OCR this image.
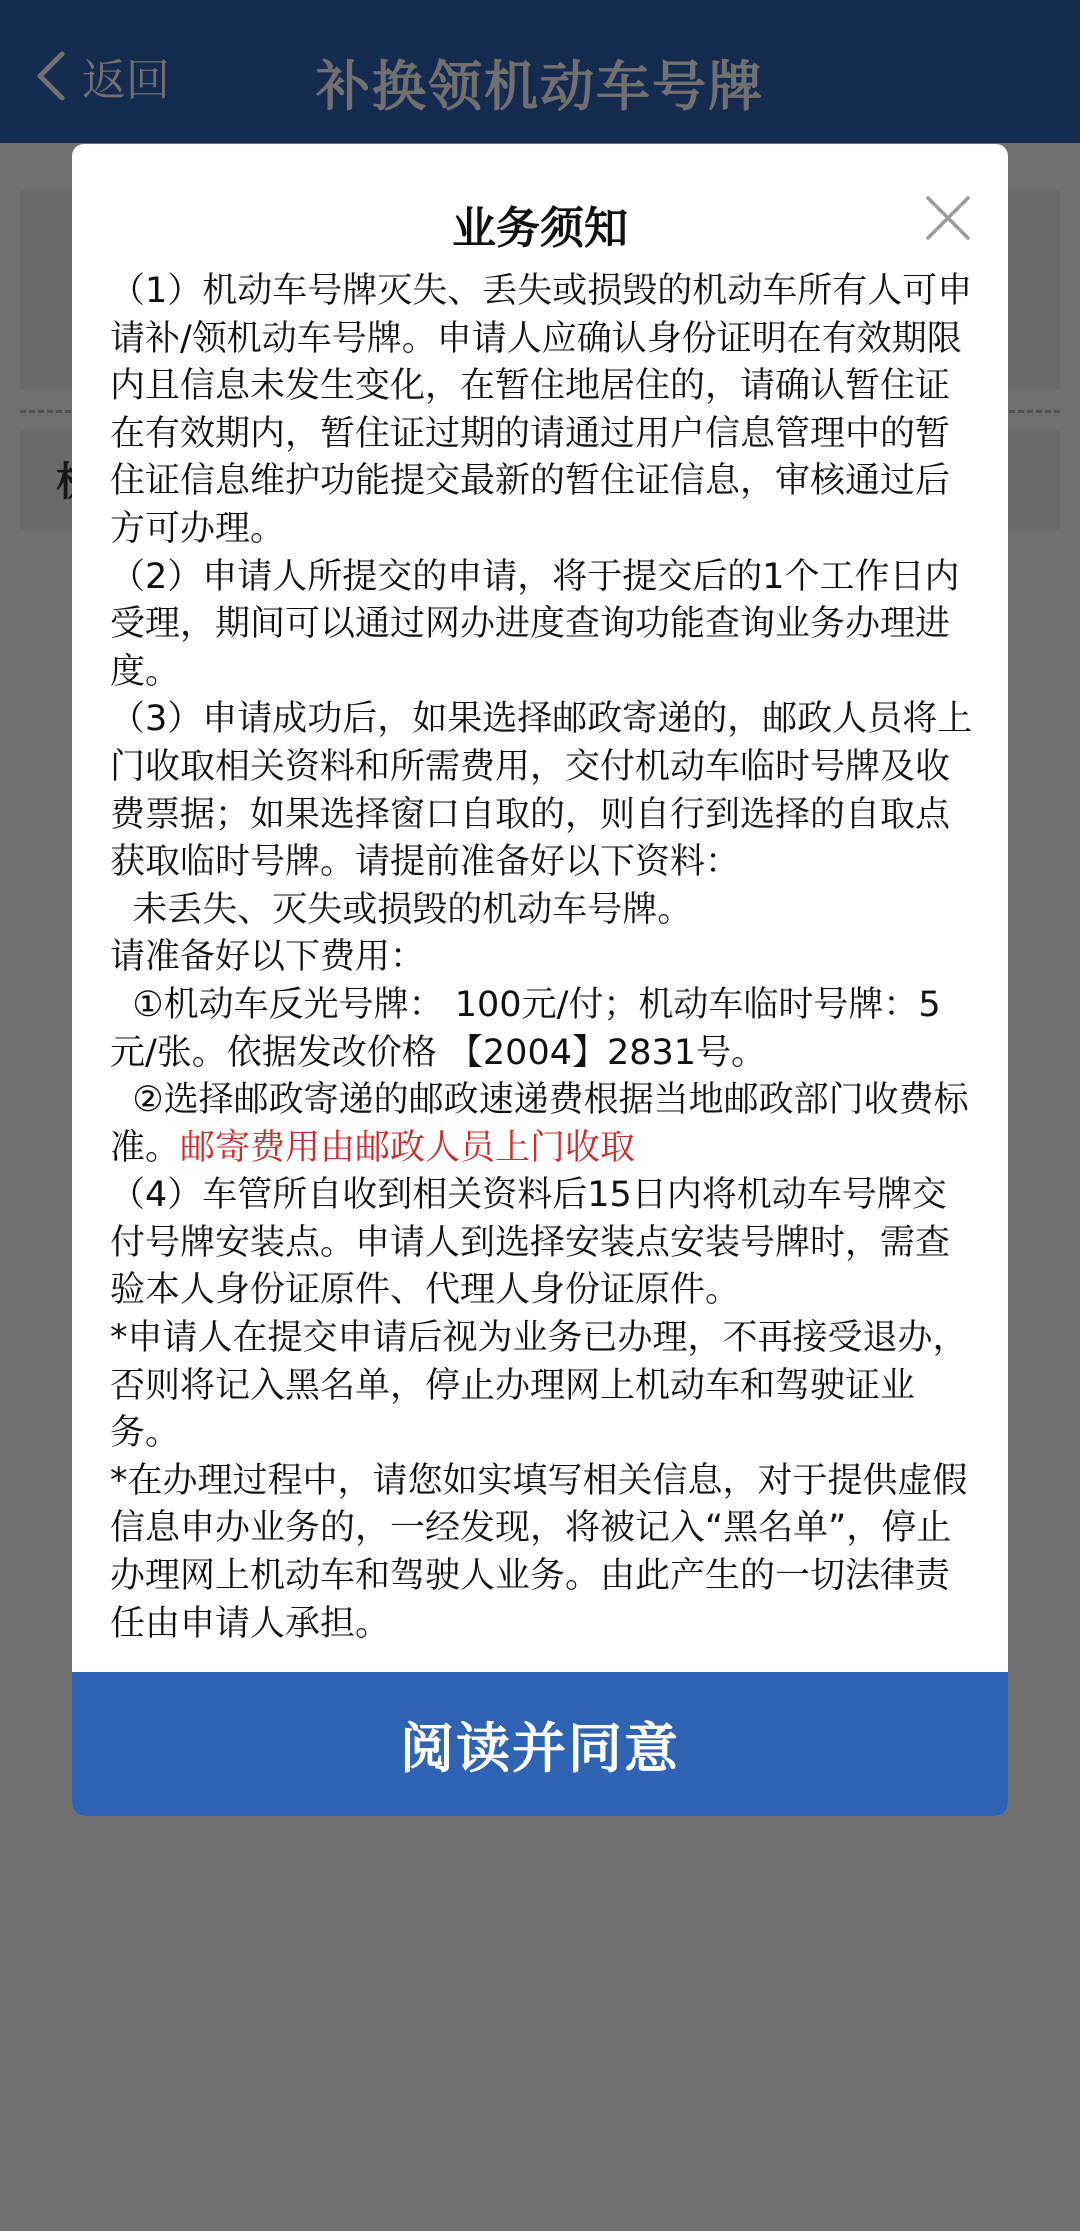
业务须知

（1）机动车号牌灭失、丢失或损毁的机动车所有人可申请补/领机动车号牌。申请人应确认身份证明在有效期限内且信息未发生变化，在暂住地居住的，请确认暂住证在有效期内，暂住证过期的请通过用户信息管理中的暂住证信息维护功能提交最新的暂住证信息，审核通过后方可办理。

（2）申请人所提交的申请，将于提交后的1个工作日内受理，期间可以通过网办进度查询功能查询业务办理进度。

（3）申请成功后，如果选择邮政寄递的，邮政人员将上门收取相关资料和所需费用，交付机动车临时号牌及收费票据；如果选择窗口自取的，则自行到选择的自取点获取临时号牌。请提前准备好以下资料：

未丢失、灭失或损毁的机动车号牌。

请准备好以下费用：

①机动车反光号牌： 100元/付；机动车临时号牌：5元/张。依据发改价格 【2004】2831号。

②选择邮政寄递的邮政速递费根据当地邮政部门收费标准。邮寄费用由邮政人员上门收取

（4）车管所自收到相关资料后15日内将机动车号牌交付号牌安装点。申请人到选择安装点安装号牌时，需查验本人身份证原件、代理人身份证原件。

*申请人在提交申请后视为业务已办理，不再接受退办，否则将记入黑名单，停止办理网上机动车和驾驶证业务。

*在办理过程中，请您如实填写相关信息，对于提供虚假信息申办业务的，一经发现，将被记入“黑名单”，停止办理网上机动车和驾驶人业务。由此产生的一切法律责任由申请人承担。

阅读并同意
